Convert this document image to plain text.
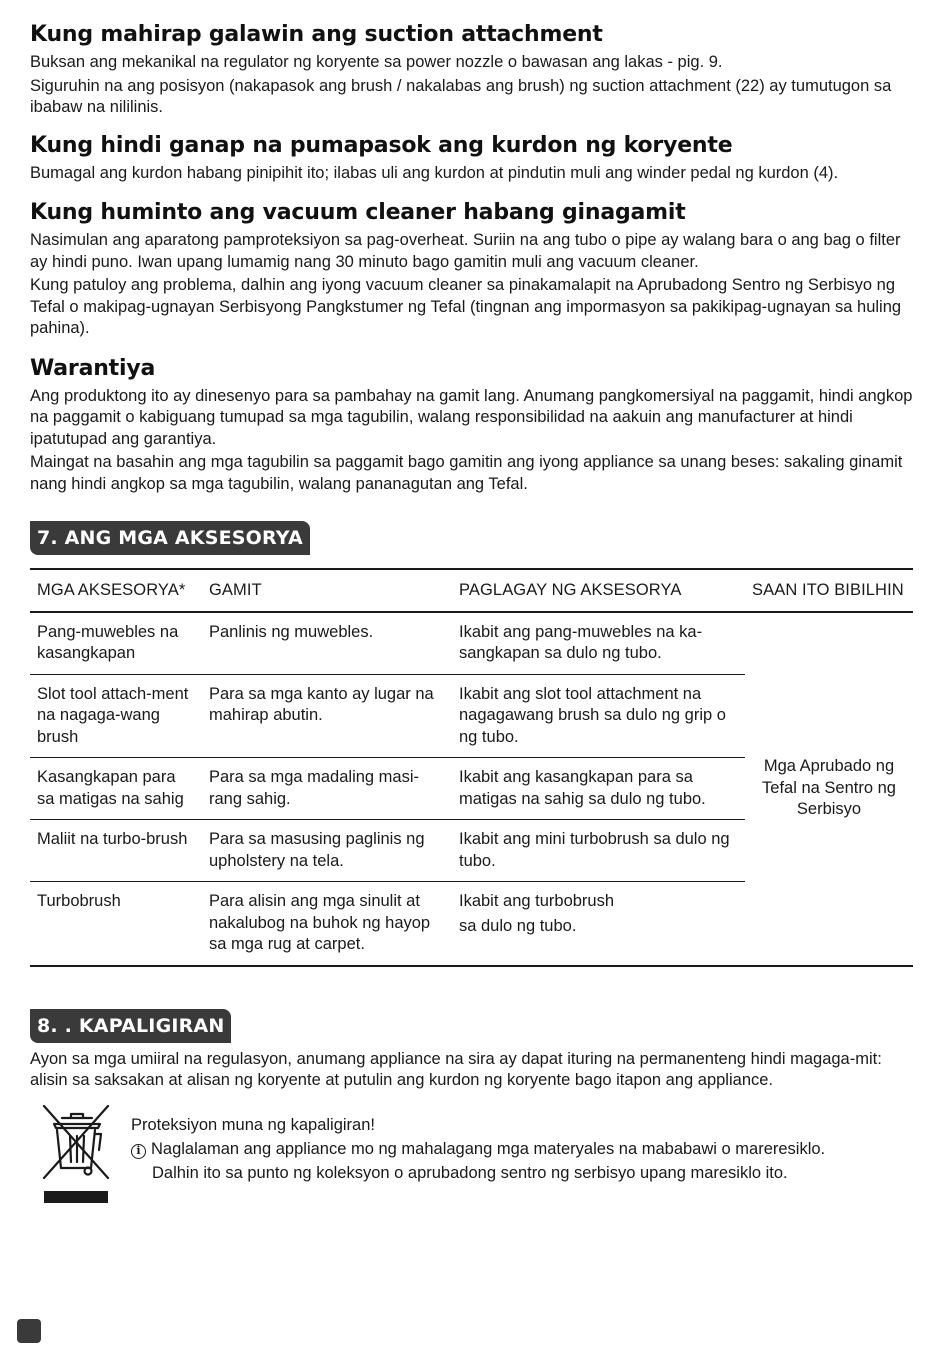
Kung mahirap galawin ang suction attachment

Buksan ang mekanikal na regulator ng koryente sa power nozzle o bawasan ang lakas - pig. 9.

Siguruhin na ang posisyon (nakapasok ang brush / nakalabas ang brush) ng suction attachment (22) ay tumutugon sa ibabaw na nililinis.

Kung hindi ganap na pumapasok ang kurdon ng koryente

Bumagal ang kurdon habang pinipihit ito; ilabas uli ang kurdon at pindutin muli ang winder pedal ng kurdon (4).

Kung huminto ang vacuum cleaner habang ginagamit

Nasimulan ang aparatong pamproteksiyon sa pag-overheat. Suriin na ang tubo o pipe ay walang bara o ang bag o filter ay hindi puno. Iwan upang lumamig nang 30 minuto bago gamitin muli ang vacuum cleaner.

Kung patuloy ang problema, dalhin ang iyong vacuum cleaner sa pinakamalapit na Aprubadong Sentro ng Serbisyo ng Tefal o makipag-ugnayan Serbisyong Pangkstumer ng Tefal (tingnan ang impormasyon sa pakikipag-ugnayan sa huling pahina).

Warantiya

Ang produktong ito ay dinesenyo para sa pambahay na gamit lang. Anumang pangkomersiyal na paggamit, hindi angkop na paggamit o kabiguang tumupad sa mga tagubilin, walang responsibilidad na aakuin ang manufacturer at hindi ipatutupad ang garantiya.

Maingat na basahin ang mga tagubilin sa paggamit bago gamitin ang iyong appliance sa unang beses: sakaling ginamit nang hindi angkop sa mga tagubilin, walang pananagutan ang Tefal.

7. ANG MGA AKSESORYA
MGA AKSESORYA*	GAMIT	PAGLAGAY NG AKSESORYA	SAAN ITO BIBILHIN
Pang-muwebles na kasangkapan	Panlinis ng muwebles.	Ikabit ang pang-muwebles na ka-sangkapan sa dulo ng tubo.	Mga Aprubado ng Tefal na Sentro ng Serbisyo
Slot tool attach-ment na nagaga-wang brush	Para sa mga kanto ay lugar na mahirap abutin.	Ikabit ang slot tool attachment na nagagawang brush sa dulo ng grip o ng tubo.	
Kasangkapan para sa matigas na sahig	Para sa mga madaling masi-rang sahig.	Ikabit ang kasangkapan para sa matigas na sahig sa dulo ng tubo.	
Maliit na turbo-brush	Para sa masusing paglinis ng upholstery na tela.	Ikabit ang mini turbobrush sa dulo ng tubo.	
Turbobrush	Para alisin ang mga sinulit at nakalubog na buhok ng hayop sa mga rug at carpet.	Ikabit ang turbobrush
sa dulo ng tubo.	
8. . KAPALIGIRAN

Ayon sa mga umiiral na regulasyon, anumang appliance na sira ay dapat ituring na permanenteng hindi magaga-mit: alisin sa saksakan at alisan ng koryente at putulin ang kurdon ng koryente bago itapon ang appliance.

Proteksiyon muna ng kapaligiran!
i Naglalaman ang appliance mo ng mahalagang mga materyales na mababawi o mareresiklo.
Dalhin ito sa punto ng koleksyon o aprubadong sentro ng serbisyo upang maresiklo ito.
